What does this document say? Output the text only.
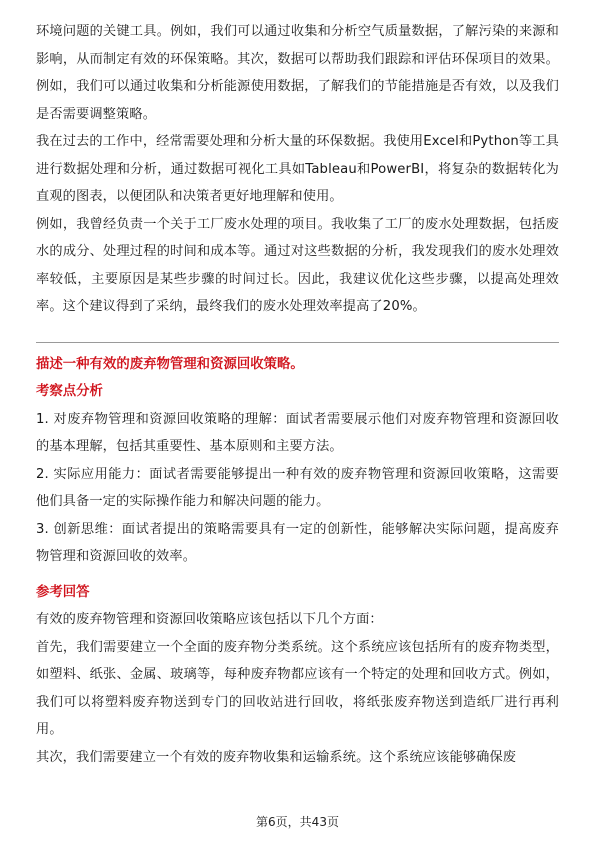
环境问题的关键工具。例如，我们可以通过收集和分析空气质量数据，了解污染的来源和影响，从而制定有效的环保策略。其次，数据可以帮助我们跟踪和评估环保项目的效果。例如，我们可以通过收集和分析能源使用数据，了解我们的节能措施是否有效，以及我们是否需要调整策略。

我在过去的工作中，经常需要处理和分析大量的环保数据。我使用Excel和Python等工具进行数据处理和分析，通过数据可视化工具如Tableau和PowerBI，将复杂的数据转化为直观的图表，以便团队和决策者更好地理解和使用。

例如，我曾经负责一个关于工厂废水处理的项目。我收集了工厂的废水处理数据，包括废水的成分、处理过程的时间和成本等。通过对这些数据的分析，我发现我们的废水处理效率较低，主要原因是某些步骤的时间过长。因此，我建议优化这些步骤，以提高处理效率。这个建议得到了采纳，最终我们的废水处理效率提高了20%。

描述一种有效的废弃物管理和资源回收策略。

考察点分析

1. 对废弃物管理和资源回收策略的理解：面试者需要展示他们对废弃物管理和资源回收的基本理解，包括其重要性、基本原则和主要方法。

2. 实际应用能力：面试者需要能够提出一种有效的废弃物管理和资源回收策略，这需要他们具备一定的实际操作能力和解决问题的能力。

3. 创新思维：面试者提出的策略需要具有一定的创新性，能够解决实际问题，提高废弃物管理和资源回收的效率。

参考回答

有效的废弃物管理和资源回收策略应该包括以下几个方面：

首先，我们需要建立一个全面的废弃物分类系统。这个系统应该包括所有的废弃物类型，如塑料、纸张、金属、玻璃等，每种废弃物都应该有一个特定的处理和回收方式。例如，我们可以将塑料废弃物送到专门的回收站进行回收，将纸张废弃物送到造纸厂进行再利用。

其次，我们需要建立一个有效的废弃物收集和运输系统。这个系统应该能够确保废

第6页，共43页
